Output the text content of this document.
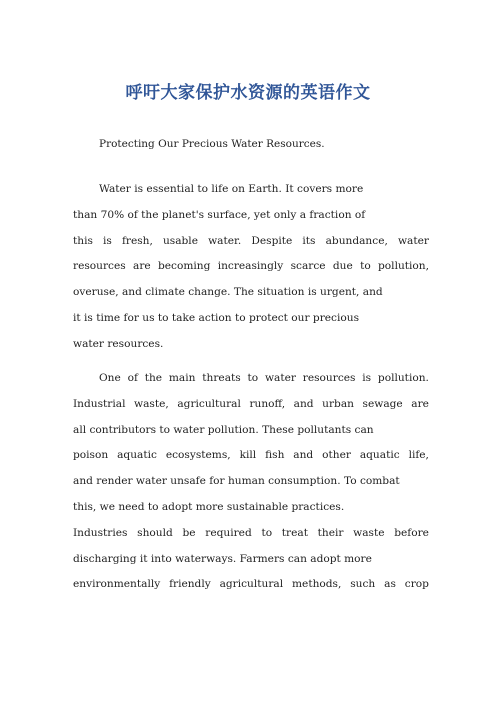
呼吁大家保护水资源的英语作文
Protecting Our Precious Water Resources.
Water is essential to life on Earth. It covers more
than 70% of the planet's surface, yet only a fraction of
this is fresh, usable water. Despite its abundance, water
resources are becoming increasingly scarce due to pollution,
overuse, and climate change. The situation is urgent, and
it is time for us to take action to protect our precious
water resources.
One of the main threats to water resources is pollution.
Industrial waste, agricultural runoff, and urban sewage are
all contributors to water pollution. These pollutants can
poison aquatic ecosystems, kill fish and other aquatic life,
and render water unsafe for human consumption. To combat
this, we need to adopt more sustainable practices.
Industries should be required to treat their waste before
discharging it into waterways. Farmers can adopt more
environmentally friendly agricultural methods, such as crop
